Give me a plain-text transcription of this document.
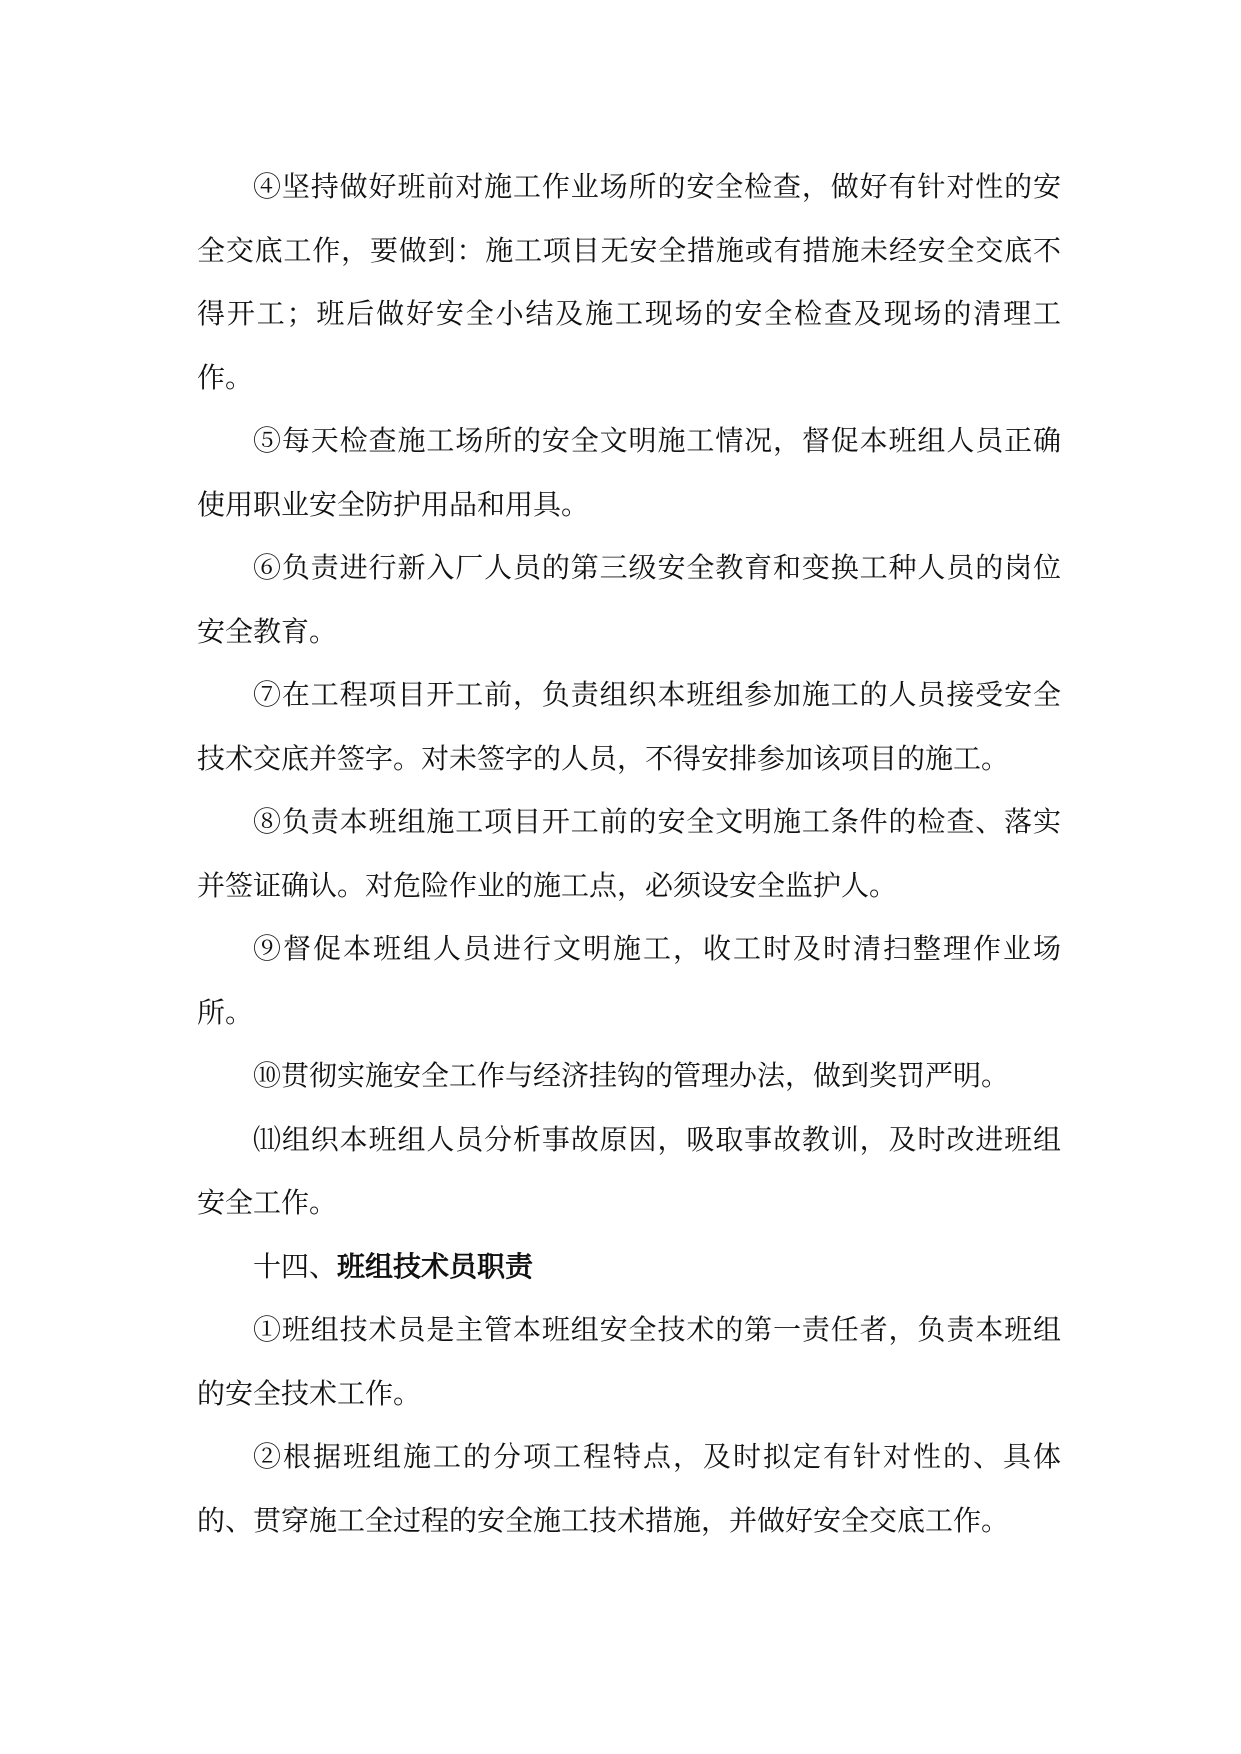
④坚持做好班前对施工作业场所的安全检查，做好有针对性的安全交底工作，要做到：施工项目无安全措施或有措施未经安全交底不得开工；班后做好安全小结及施工现场的安全检查及现场的清理工作。

⑤每天检查施工场所的安全文明施工情况，督促本班组人员正确使用职业安全防护用品和用具。

⑥负责进行新入厂人员的第三级安全教育和变换工种人员的岗位安全教育。

⑦在工程项目开工前，负责组织本班组参加施工的人员接受安全技术交底并签字。对未签字的人员，不得安排参加该项目的施工。

⑧负责本班组施工项目开工前的安全文明施工条件的检查、落实并签证确认。对危险作业的施工点，必须设安全监护人。

⑨督促本班组人员进行文明施工，收工时及时清扫整理作业场所。

⑩贯彻实施安全工作与经济挂钩的管理办法，做到奖罚严明。

⑾组织本班组人员分析事故原因，吸取事故教训，及时改进班组安全工作。

十四、班组技术员职责

①班组技术员是主管本班组安全技术的第一责任者，负责本班组的安全技术工作。

②根据班组施工的分项工程特点，及时拟定有针对性的、具体的、贯穿施工全过程的安全施工技术措施，并做好安全交底工作。
